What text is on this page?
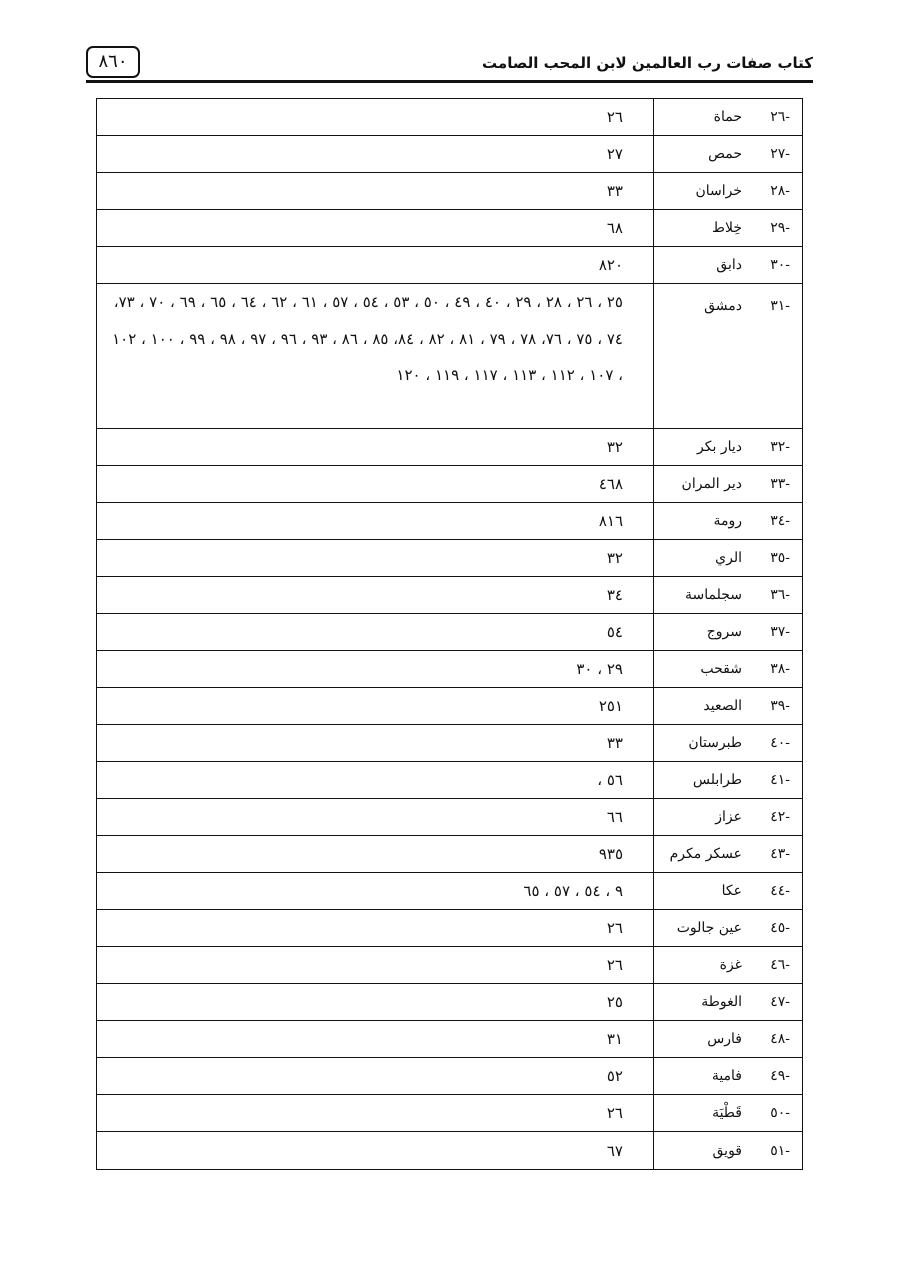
٨٦٠	كتاب صفات رب العالمين لابن المحب الصامت
-٢٦
حماة
٢٦
-٢٧
حمص
٢٧
-٢٨
خراسان
٣٣
-٢٩
خِلاط
٦٨
-٣٠
دابق
٨٢٠
-٣١
دمشق
٢٥ ، ٢٦ ، ٢٨ ، ٢٩ ، ٤٠ ، ٤٩ ، ٥٠ ، ٥٣ ، ٥٤ ، ٥٧ ، ٦١ ، ٦٢ ، ٦٤ ، ٦٥ ، ٦٩ ، ٧٠ ، ٧٣، ٧٤ ، ٧٥ ، ٧٦، ٧٨ ، ٧٩ ، ٨١ ، ٨٢ ، ٨٤، ٨٥ ، ٨٦ ، ٩٣ ، ٩٦ ، ٩٧ ، ٩٨ ، ٩٩ ، ١٠٠ ، ١٠٢ ، ١٠٧ ، ١١٢ ، ١١٣ ، ١١٧ ، ١١٩ ، ١٢٠
-٣٢
ديار بكر
٣٢
-٣٣
دير المران
٤٦٨
-٣٤
رومة
٨١٦
-٣٥
الري
٣٢
-٣٦
سجلماسة
٣٤
-٣٧
سروج
٥٤
-٣٨
شقحب
٢٩ ، ٣٠
-٣٩
الصعيد
٢٥١
-٤٠
طبرستان
٣٣
-٤١
طرابلس
٥٦ ،
-٤٢
عزاز
٦٦
-٤٣
عسكر مكرم
٩٣٥
-٤٤
عكا
٩ ، ٥٤ ، ٥٧ ، ٦٥
-٤٥
عين جالوت
٢٦
-٤٦
غزة
٢٦
-٤٧
الغوطة
٢٥
-٤٨
فارس
٣١
-٤٩
فامية
٥٢
-٥٠
قَطْيَة
٢٦
-٥١
قويق
٦٧
